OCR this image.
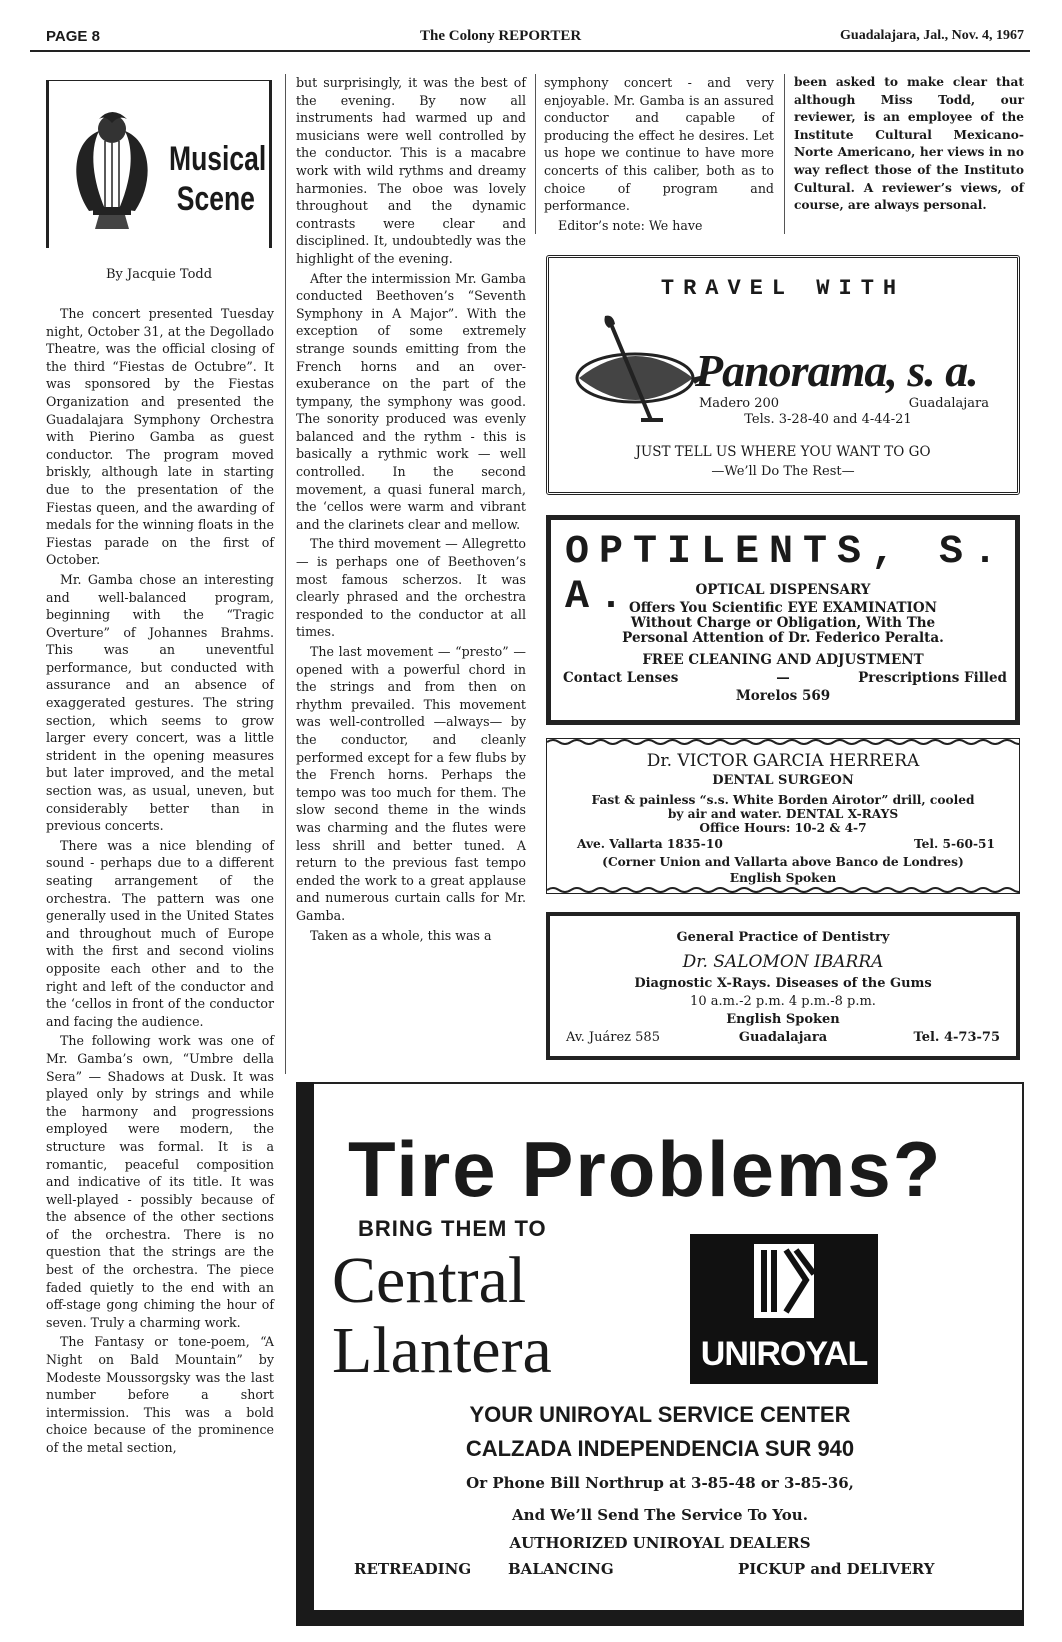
PAGE 8	The Colony REPORTER	Guadalajara, Jal., Nov. 4, 1967
Musical
Scene
By Jacquie Todd

The concert presented Tuesday night, October 31, at the Degollado Theatre, was the official closing of the third “Fiestas de Octubre”. It was sponsored by the Fiestas Organization and presented the Guadalajara Symphony Orchestra with Pierino Gamba as guest conductor. The program moved briskly, although late in starting due to the presentation of the Fiestas queen, and the awarding of medals for the winning floats in the Fiestas parade on the first of October.

Mr. Gamba chose an interesting and well-balanced program, beginning with the “Tragic Overture” of Johannes Brahms. This was an uneventful performance, but conducted with assurance and an absence of exaggerated gestures. The string section, which seems to grow larger every concert, was a little strident in the opening measures but later improved, and the metal section was, as usual, uneven, but considerably better than in previous concerts.

There was a nice blending of sound - perhaps due to a different seating arrangement of the orchestra. The pattern was one generally used in the United States and throughout much of Europe with the first and second violins opposite each other and to the right and left of the conductor and the ‘cellos in front of the conductor and facing the audience.

The following work was one of Mr. Gamba’s own, “Umbre della Sera” — Shadows at Dusk. It was played only by strings and while the harmony and progressions employed were modern, the structure was formal. It is a romantic, peaceful composition and indicative of its title. It was well-played - possibly because of the absence of the other sections of the orchestra. There is no question that the strings are the best of the orchestra. The piece faded quietly to the end with an off-stage gong chiming the hour of seven. Truly a charming work.

The Fantasy or tone-poem, “A Night on Bald Mountain” by Modeste Moussorgsky was the last number before a short intermission. This was a bold choice because of the prominence of the metal section,

but surprisingly, it was the best of the evening. By now all instruments had warmed up and musicians were well controlled by the conductor. This is a macabre work with wild rythms and dreamy harmonies. The oboe was lovely throughout and the dynamic contrasts were clear and disciplined. It, undoubtedly was the highlight of the evening.

After the intermission Mr. Gamba conducted Beethoven’s “Seventh Symphony in A Major”. With the exception of some extremely strange sounds emitting from the French horns and an over-exuberance on the part of the tympany, the symphony was good. The sonority produced was evenly balanced and the rythm - this is basically a rythmic work — well controlled. In the second movement, a quasi funeral march, the ‘cellos were warm and vibrant and the clarinets clear and mellow.

The third movement — Allegretto — is perhaps one of Beethoven’s most famous scherzos. It was clearly phrased and the orchestra responded to the conductor at all times.

The last movement — “presto” — opened with a powerful chord in the strings and from then on rhythm prevailed. This movement was well-controlled —always— by the conductor, and cleanly performed except for a few flubs by the French horns. Perhaps the tempo was too much for them. The slow second theme in the winds was charming and the flutes were less shrill and better tuned. A return to the previous fast tempo ended the work to a great applause and numerous curtain calls for Mr. Gamba.

Taken as a whole, this was a

symphony concert - and very enjoyable. Mr. Gamba is an assured conductor and capable of producing the effect he desires. Let us hope we continue to have more concerts of this caliber, both as to choice of program and performance.

Editor’s note: We have

been asked to make clear that although Miss Todd, our reviewer, is an employee of the Institute Cultural Mexicano-Norte Americano, her views in no way reflect those of the Instituto Cultural. A reviewer’s views, of course, are always personal.

TRAVEL WITH
Panorama, s. a.
Madero 200	Guadalajara
Tels. 3-28-40 and 4-44-21
JUST TELL US WHERE YOU WANT TO GO
—We’ll Do The Rest—
OPTILENTS, S. A.	OPTICAL DISPENSARY
Offers You Scientific EYE EXAMINATION
Without Charge or Obligation, With The
Personal Attention of Dr. Federico Peralta.
FREE CLEANING AND ADJUSTMENT
Contact Lenses	—	Prescriptions Filled
Morelos 569
Dr. VICTOR GARCIA HERRERA
DENTAL SURGEON
Fast & painless “s.s. White Borden Airotor” drill, cooled
by air and water. DENTAL X-RAYS
Office Hours: 10-2 & 4-7
Ave. Vallarta 1835-10	Tel. 5-60-51
(Corner Union and Vallarta above Banco de Londres)
English Spoken
General Practice of Dentistry
Dr. SALOMON IBARRA
Diagnostic X-Rays. Diseases of the Gums
10 a.m.-2 p.m. 4 p.m.-8 p.m.
English Spoken
Av. Juárez 585	Guadalajara	Tel. 4-73-75
Tire Problems?
BRING THEM TO
Central
Llantera	UNIROYAL
YOUR UNIROYAL SERVICE CENTER
CALZADA INDEPENDENCIA SUR 940
Or Phone Bill Northrup at 3-85-48 or 3-85-36,
And We’ll Send The Service To You.
AUTHORIZED UNIROYAL DEALERS
RETREADING BALANCING	PICKUP and DELIVERY
